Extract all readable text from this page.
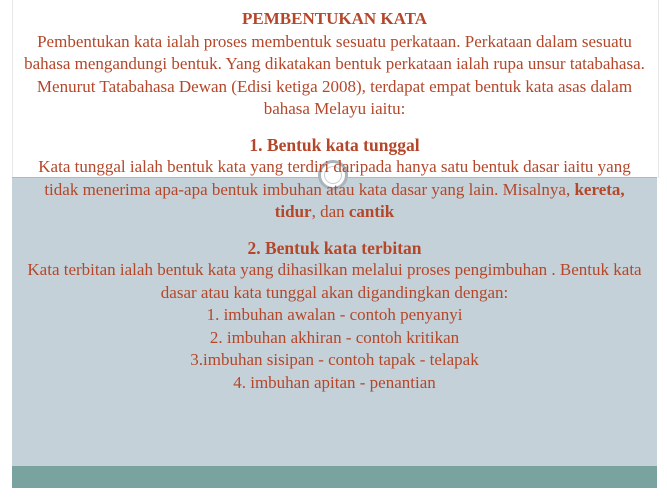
PEMBENTUKAN KATA

Pembentukan kata ialah proses membentuk sesuatu perkataan. Perkataan dalam sesuatu bahasa mengandungi bentuk. Yang dikatakan bentuk perkataan ialah rupa unsur tatabahasa. Menurut Tatabahasa Dewan (Edisi ketiga 2008), terdapat empat bentuk kata asas dalam bahasa Melayu iaitu:

1. Bentuk kata tunggal

Kata tunggal ialah bentuk kata yang terdiri daripada hanya satu bentuk dasar iaitu yang tidak menerima apa-apa bentuk imbuhan atau kata dasar yang lain. Misalnya, kereta, tidur, dan cantik

2. Bentuk kata terbitan

Kata terbitan ialah bentuk kata yang dihasilkan melalui proses pengimbuhan . Bentuk kata dasar atau kata tunggal akan digandingkan dengan:

1. imbuhan awalan - contoh penyanyi

2. imbuhan akhiran - contoh kritikan

3.imbuhan sisipan - contoh tapak - telapak

4. imbuhan apitan - penantian
